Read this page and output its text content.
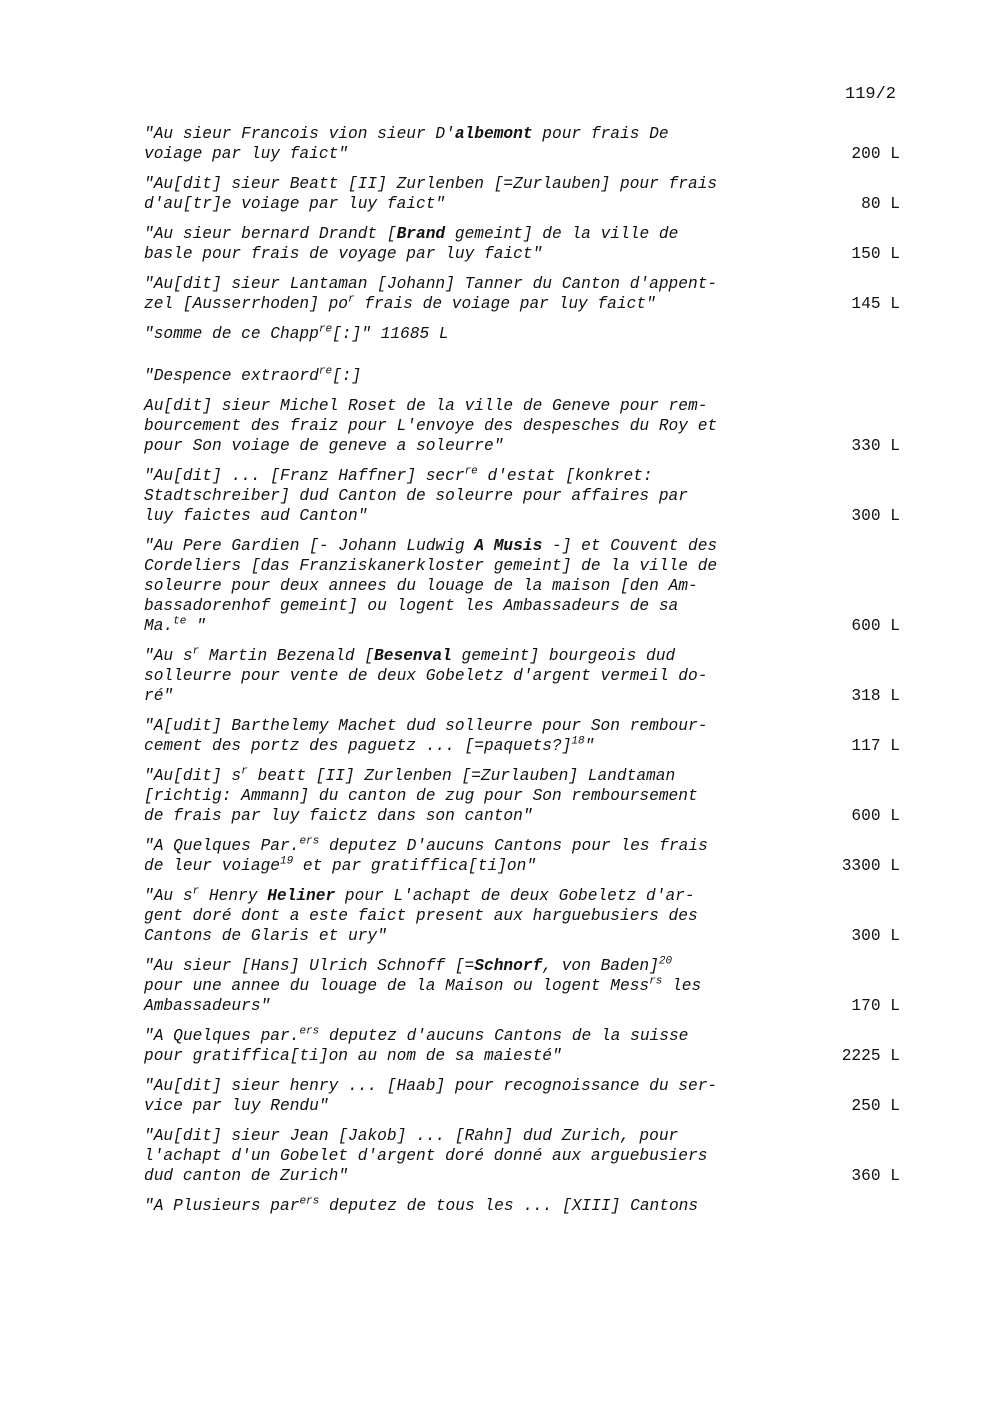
119/2
"Au sieur Francois vion sieur D'albemont pour frais De
voiage par luy faict"	200 L
"Au[dit] sieur Beatt [II] Zurlenben [=Zurlauben] pour frais
d'au[tr]e voiage par luy faict"	80 L
"Au sieur bernard Drandt [Brand gemeint] de la ville de
basle pour frais de voyage par luy faict"	150 L
"Au[dit] sieur Lantaman [Johann] Tanner du Canton d'appent-
zel [Ausserrhoden] $po^r$ frais de voiage par luy faict"	145 L
"somme de ce Chapp$^{re}$[:]" 11685 L
"Despence extraord$^{re}$[:]
Au[dit] sieur Michel Roset de la ville de Geneve pour rem-
bourcement des fraiz pour L'envoye des despesches du Roy et
pour Son voiage de geneve a soleurre"	330 L
"Au[dit] ... [Franz Haffner] secr$^{re}$ d'estat [konkret:
Stadtschreiber] dud Canton de soleurre pour affaires par
luy faictes aud Canton"	300 L
"Au Pere Gardien [- Johann Ludwig A Musis -] et Couvent des
Cordeliers [das Franziskanerkloster gemeint] de la ville de
soleurre pour deux annees du louage de la maison [den Am-
bassadorenhof gemeint] ou logent les Ambassadeurs de sa
Ma.$^{te}$ "	600 L
"Au $s^r$ Martin Bezenald [Besenval gemeint] bourgeois dud
solleurre pour vente de deux Gobeletz d'argent vermeil do-
ré"	318 L
"A[udit] Barthelemy Machet dud solleurre pour Son rembour-
cement des portz des paguetz ... [=paquets?]$^{18}$"	117 L
"Au[dit] $s^r$ beatt [II] Zurlenben [=Zurlauben] Landtaman
[richtig: Ammann] du canton de zug pour Son remboursement
de frais par luy faictz dans son canton"	600 L
"A Quelques Par.$^{ers}$ deputez D'aucuns Cantons pour les frais
de leur voiage$^{19}$ et par gratiffica[ti]on"	3300 L
"Au $s^r$ Henry Heliner pour L'achapt de deux Gobeletz d'ar-
gent doré dont a este faict present aux harguebusiers des
Cantons de Glaris et ury"	300 L
"Au sieur [Hans] Ulrich Schnoff [=Schnorf, von Baden]$^{20}$
pour une annee du louage de la Maison ou logent Mess$^{rs}$ les
Ambassadeurs"	170 L
"A Quelques par.$^{ers}$ deputez d'aucuns Cantons de la suisse
pour gratiffica[ti]on au nom de sa maiesté"	2225 L
"Au[dit] sieur henry ... [Haab] pour recognoissance du ser-
vice par luy Rendu"	250 L
"Au[dit] sieur Jean [Jakob] ... [Rahn] dud Zurich, pour
l'achapt d'un Gobelet d'argent doré donné aux arguebusiers
dud canton de Zurich"	360 L
"A Plusieurs par$^{ers}$ deputez de tous les ... [XIII] Cantons
